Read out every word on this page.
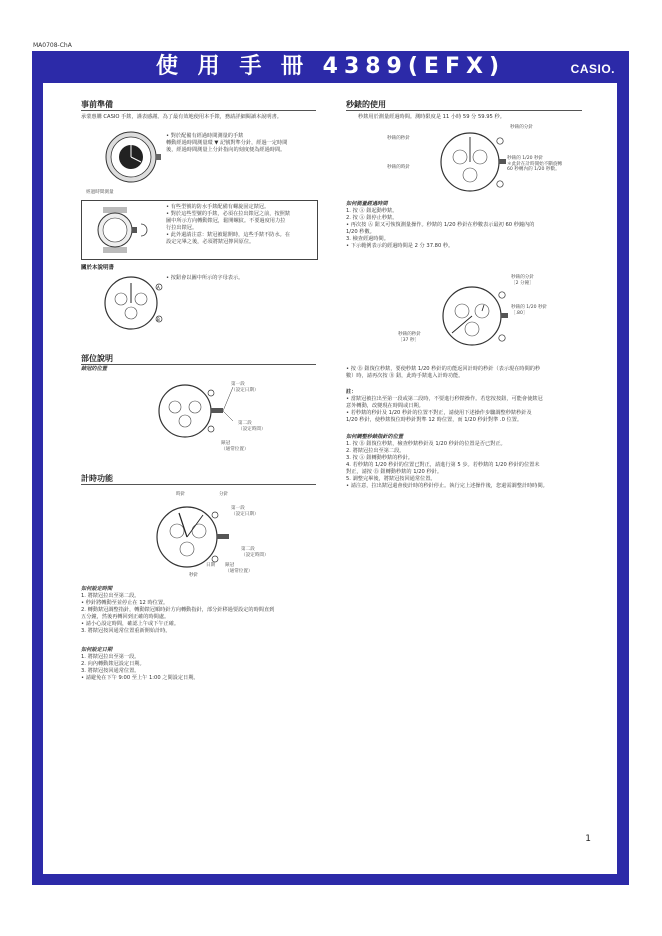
MA0708-ChA
使 用 手 冊 4389(EFX)	CASIO.
事前準備
承蒙惠購 CASIO 手錶，謹表感謝。為了最有效地使用本手錶，務請詳細閱讀本說明書。
經過時間測量
• 對於配備有經過時間測量的手錶
轉動經過時間測量環 ▼ 記號對準分針，經過一定時間
後，經過時間測量上分針指向的刻度便為經過時間。
• 有些型號的防水手錶配備有螺旋固定錶冠。
• 對於這些型號的手錶，必須在拉出錶冠之前，按照錶
圖中所示方向轉動錶冠，鬆開螺紋。不要過度用力拉
行拉出錶冠。
• 此外還請注意：錶冠被鬆開時，這些手錶不防水。在
設定完畢之後，必須將錶冠擰回原位。
關於本說明書
A
B
• 按鈕會以圖中所示的字母表示。
部位說明
錶冠的位置
第一段
（設定日期）
第二段
（設定時間）
錶冠
（通常位置）
計時功能
時針	分針
第一段
（設定日期）
第二段
（設定時間）
日期 錶冠
（通常位置）
秒針
如何設定時間
1. 將錶冠拉出至第二段。
• 秒針將轉動至並停止在 12 時位置。
2. 轉動錶冠調整指針，轉動錶冠順時針方向轉動指針，部分針移過要設定的時間直到
五分鐘，然後再轉回到正確的時間處。
• 請小心設定時間，確認上午或下午正確。
3. 將錶冠按回通常位置重新開始計時。
如何設定日期
1. 將錶冠拉出至第一段。
2. 向內轉動錶冠設定日期。
3. 將錶冠按回通常位置。
• 請避免在下午 9:00 至上午 1:00 之間設定日期。
秒錶的使用
秒錶用於測量經過時間。測時限度是 11 小時 59 分 59.95 秒。
秒錶的分針
秒錶的秒針
秒錶的時針
秒錶的 1/20 秒針
＊此針在計時開始不斷旋轉
60 秒轉內的 1/20 秒數。
如何測量經過時間
1. 按 Ⓐ 鈕起動秒錶。
2. 按 Ⓐ 鈕停止秒錶。
• 再次按 Ⓐ 鈕又可恢復測量操作。秒錶的 1/20 秒針在秒數表示最初 60 秒鐘內的
1/20 秒數。
3. 檢查經過時間。
• 下示範例表示的經過時間是 2 分 37.80 秒。
秒錶的分針
［2 分鐘］
秒錶的秒針
［37 秒］
秒錶的 1/20 秒針
［.80］
• 按 Ⓑ 鈕復位秒錶，要使秒錶 1/20 秒針的功能返回計時的秒針（表示現在時間的秒
數）時，請再次按 Ⓑ 鈕，此時手錶進入計時功能。
註：
• 當錶冠被拉出至第一段或第二段時，不要進行秒錶操作。若您按按鈕，可能會使錶冠
意外轉動，改變現在時間或日期。
• 若秒錶的秒針及 1/20 秒針的位置不對正，請使用下述操作步驟調整秒錶秒針及
1/20 秒針，使秒錶復位時秒針對準 12 時位置，而 1/20 秒針對準 .0 位置。
如何調整秒錶指針的位置
1. 按 Ⓑ 鈕復位秒錶，檢查秒錶秒針及 1/20 秒針的位置是否已對正。
2. 將錶冠拉出至第二段。
3. 按 Ⓐ 鈕轉動秒錶的秒針。
4. 若秒錶的 1/20 秒針的位置已對正，請進行第 5 步。若秒錶的 1/20 秒針的位置未
對正，請按 Ⓑ 鈕轉動秒錶的 1/20 秒針。
5. 調整完畢後，將錶冠按回通常位置。
• 請注意，拉出錶冠還會使計時的秒針停止。執行完上述操作後，您還需調整計時時間。
1
